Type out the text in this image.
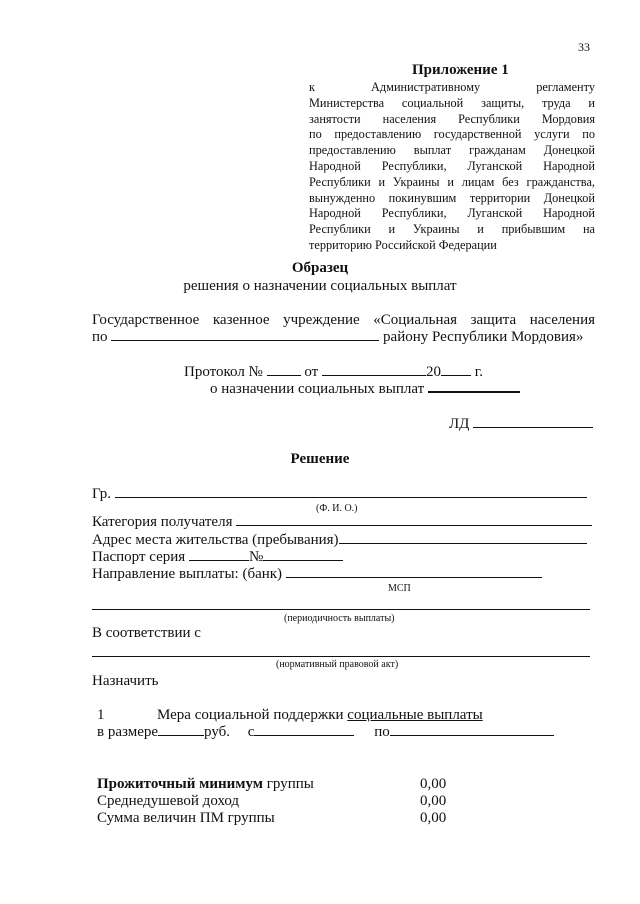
33
Приложение 1
к Административному регламенту
Министерства социальной защиты, труда и
занятости населения Республики Мордовия
по предоставлению государственной услуги по
предоставлению выплат гражданам Донецкой
Народной Республики, Луганской Народной
Республики и Украины и лицам без гражданства,
вынужденно покинувшим территории Донецкой
Народной Республики, Луганской Народной
Республики и Украины и прибывшим на
территорию Российской Федерации
Образец
решения о назначении социальных выплат
Государственное казенное учреждение «Социальная защита населения
по	району Республики Мордовия»
Протокол №	от	20 г.
о назначении социальных выплат
ЛД
Решение
Гр.
(Ф. И. О.)
Категория получателя
Адрес места жительства (пребывания)
Паспорт серия	№
Направление выплаты: (банк)
МСП
(периодичность выплаты)
В соответствии с
(нормативный правовой акт)
Назначить
1	Мера социальной поддержки социальные выплаты
в размере	руб. с	по
Прожиточный минимум группы	0,00
Среднедушевой доход	0,00
Сумма величин ПМ группы	0,00
